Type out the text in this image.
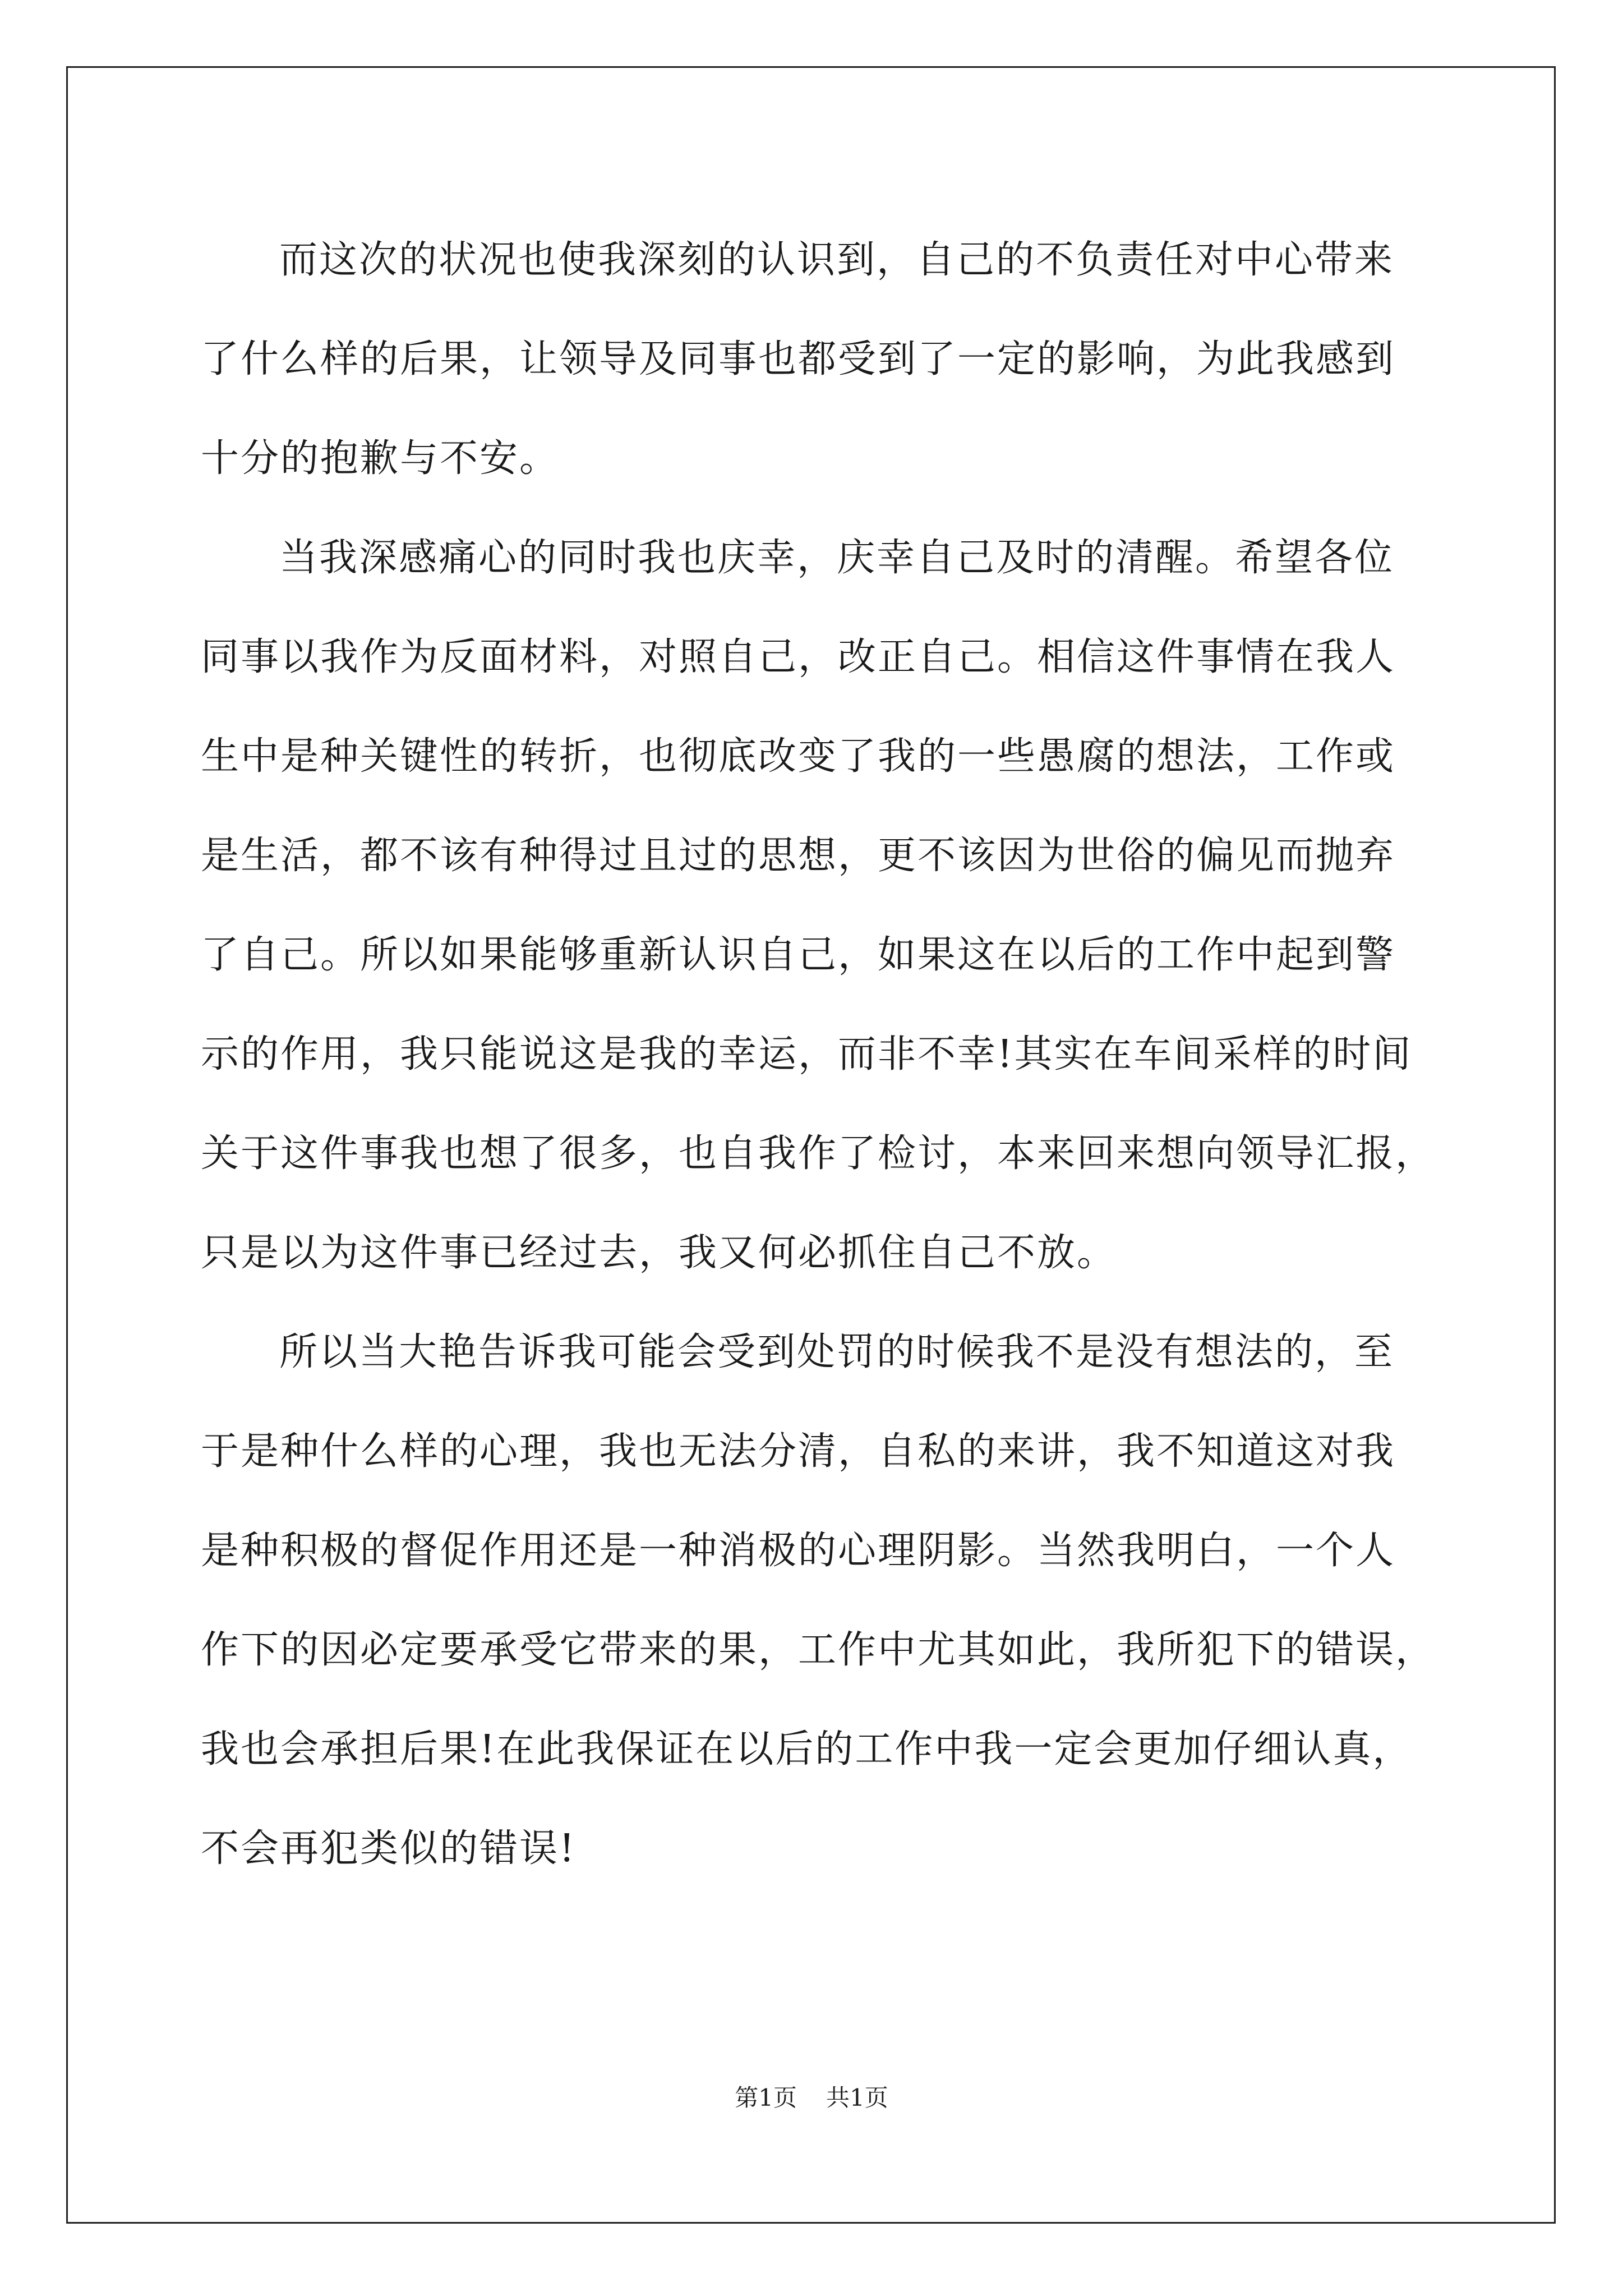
而这次的状况也使我深刻的认识到，自己的不负责任对中心带来
了什么样的后果，让领导及同事也都受到了一定的影响，为此我感到
十分的抱歉与不安。
当我深感痛心的同时我也庆幸，庆幸自己及时的清醒。希望各位
同事以我作为反面材料，对照自己，改正自己。相信这件事情在我人
生中是种关键性的转折，也彻底改变了我的一些愚腐的想法，工作或
是生活，都不该有种得过且过的思想，更不该因为世俗的偏见而抛弃
了自己。所以如果能够重新认识自己，如果这在以后的工作中起到警
示的作用，我只能说这是我的幸运，而非不幸!其实在车间采样的时间
关于这件事我也想了很多，也自我作了检讨，本来回来想向领导汇报，
只是以为这件事已经过去，我又何必抓住自己不放。
所以当大艳告诉我可能会受到处罚的时候我不是没有想法的，至
于是种什么样的心理，我也无法分清，自私的来讲，我不知道这对我
是种积极的督促作用还是一种消极的心理阴影。当然我明白，一个人
作下的因必定要承受它带来的果，工作中尤其如此，我所犯下的错误，
我也会承担后果!在此我保证在以后的工作中我一定会更加仔细认真，
不会再犯类似的错误!
第1页 共1页
